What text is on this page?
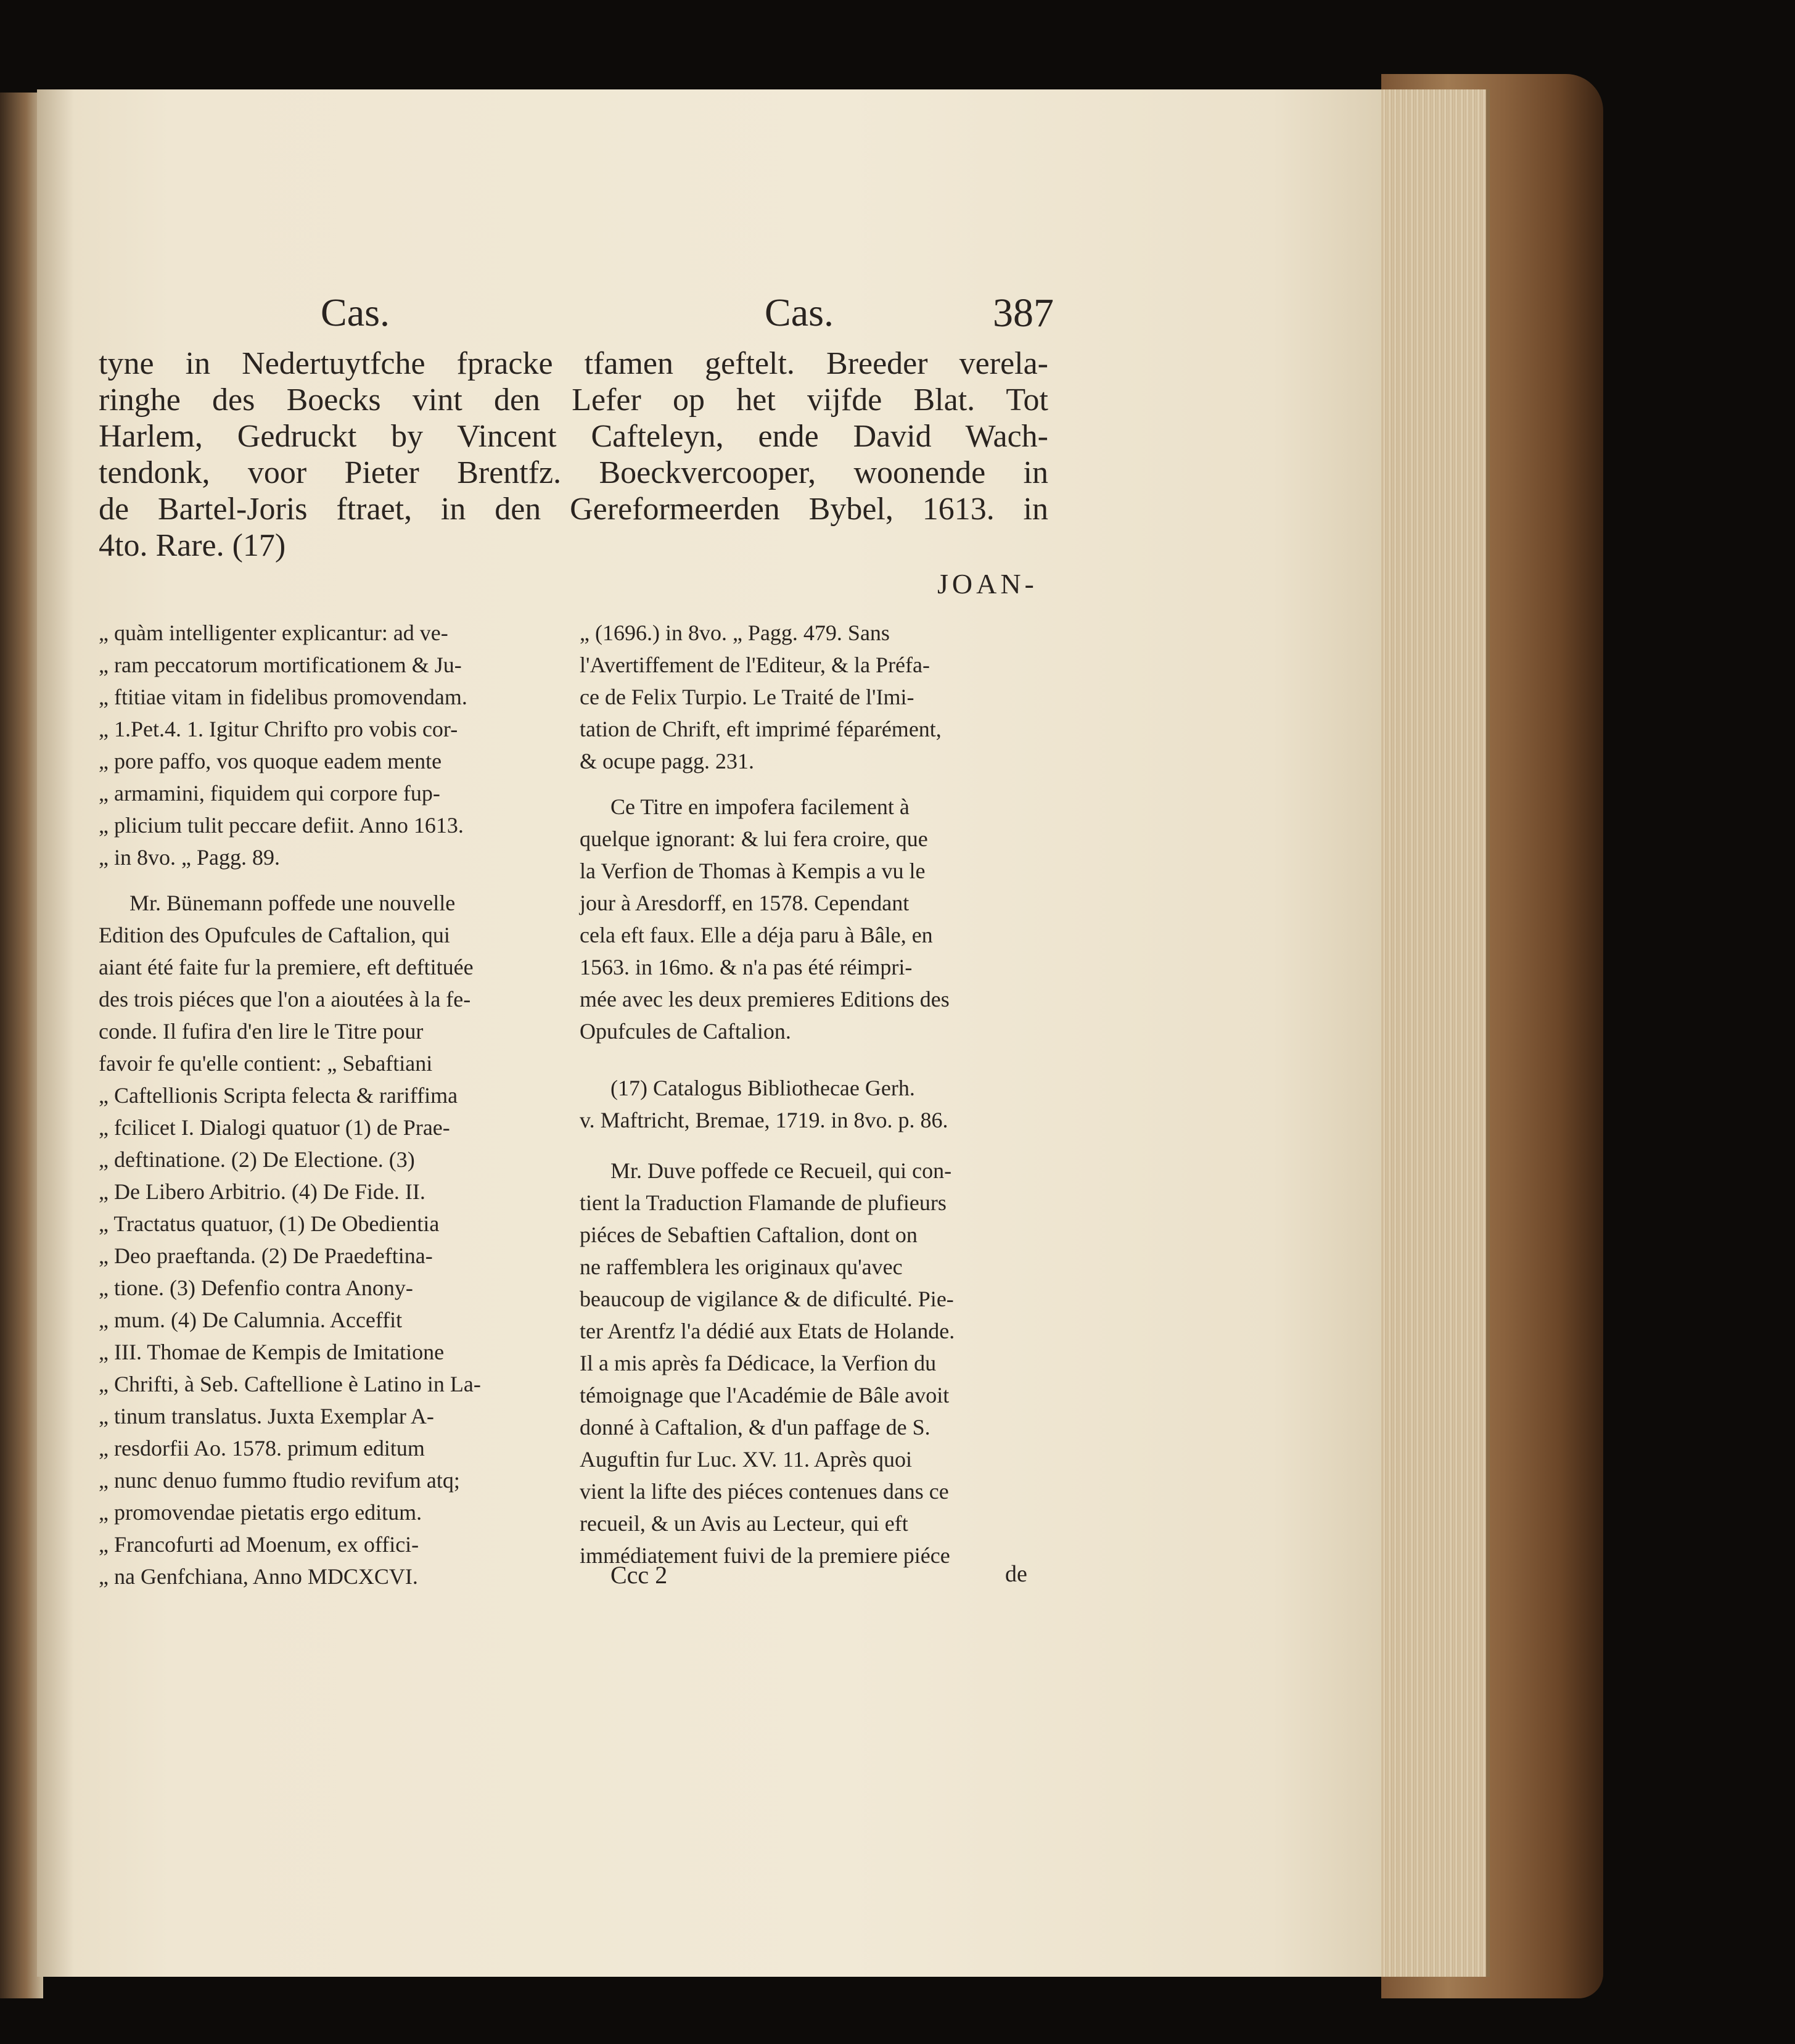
Cas.	Cas.	387
tyne in Nedertuytfche fpracke tfamen geftelt. Breeder verela-
ringhe des Boecks vint den Lefer op het vijfde Blat. Tot
Harlem, Gedruckt by Vincent Cafteleyn, ende David Wach-
tendonk, voor Pieter Brentfz. Boeckvercooper, woonende in
de Bartel-Joris ftraet, in den Gereformeerden Bybel, 1613. in
4to. Rare. (17)
JOAN-

„ quàm intelligenter explicantur: ad ve-
„ ram peccatorum mortificationem & Ju-
„ ftitiae vitam in fidelibus promovendam.
„ 1.Pet.4. 1. Igitur Chrifto pro vobis cor-
„ pore paffo, vos quoque eadem mente
„ armamini, fiquidem qui corpore fup-
„ plicium tulit peccare defiit. Anno 1613.
„ in 8vo. „ Pagg. 89.

Mr. Bünemann poffede une nouvelle
Edition des Opufcules de Caftalion, qui
aiant été faite fur la premiere, eft deftituée
des trois piéces que l'on a aioutées à la fe-
conde. Il fufira d'en lire le Titre pour
favoir fe qu'elle contient: „ Sebaftiani
„ Caftellionis Scripta felecta & rariffima
„ fcilicet I. Dialogi quatuor (1) de Prae-
„ deftinatione. (2) De Electione. (3)
„ De Libero Arbitrio. (4) De Fide. II.
„ Tractatus quatuor, (1) De Obedientia
„ Deo praeftanda. (2) De Praedeftina-
„ tione. (3) Defenfio contra Anony-
„ mum. (4) De Calumnia. Acceffit
„ III. Thomae de Kempis de Imitatione
„ Chrifti, à Seb. Caftellione è Latino in La-
„ tinum translatus. Juxta Exemplar A-
„ resdorfii Ao. 1578. primum editum
„ nunc denuo fummo ftudio revifum atq;
„ promovendae pietatis ergo editum.
„ Francofurti ad Moenum, ex offici-
„ na Genfchiana, Anno MDCXCVI.

„ (1696.) in 8vo. „ Pagg. 479. Sans
l'Avertiffement de l'Editeur, & la Préfa-
ce de Felix Turpio. Le Traité de l'Imi-
tation de Chrift, eft imprimé féparément,
& ocupe pagg. 231.

Ce Titre en impofera facilement à
quelque ignorant: & lui fera croire, que
la Verfion de Thomas à Kempis a vu le
jour à Aresdorff, en 1578. Cependant
cela eft faux. Elle a déja paru à Bâle, en
1563. in 16mo. & n'a pas été réimpri-
mée avec les deux premieres Editions des
Opufcules de Caftalion.

(17) Catalogus Bibliothecae Gerh.
v. Maftricht, Bremae, 1719. in 8vo. p. 86.

Mr. Duve poffede ce Recueil, qui con-
tient la Traduction Flamande de plufieurs
piéces de Sebaftien Caftalion, dont on
ne raffemblera les originaux qu'avec
beaucoup de vigilance & de dificulté. Pie-
ter Arentfz l'a dédié aux Etats de Holande.
Il a mis après fa Dédicace, la Verfion du
témoignage que l'Académie de Bâle avoit
donné à Caftalion, & d'un paffage de S.
Auguftin fur Luc. XV. 11. Après quoi
vient la lifte des piéces contenues dans ce
recueil, & un Avis au Lecteur, qui eft
immédiatement fuivi de la premiere piéce

Ccc 2	de
